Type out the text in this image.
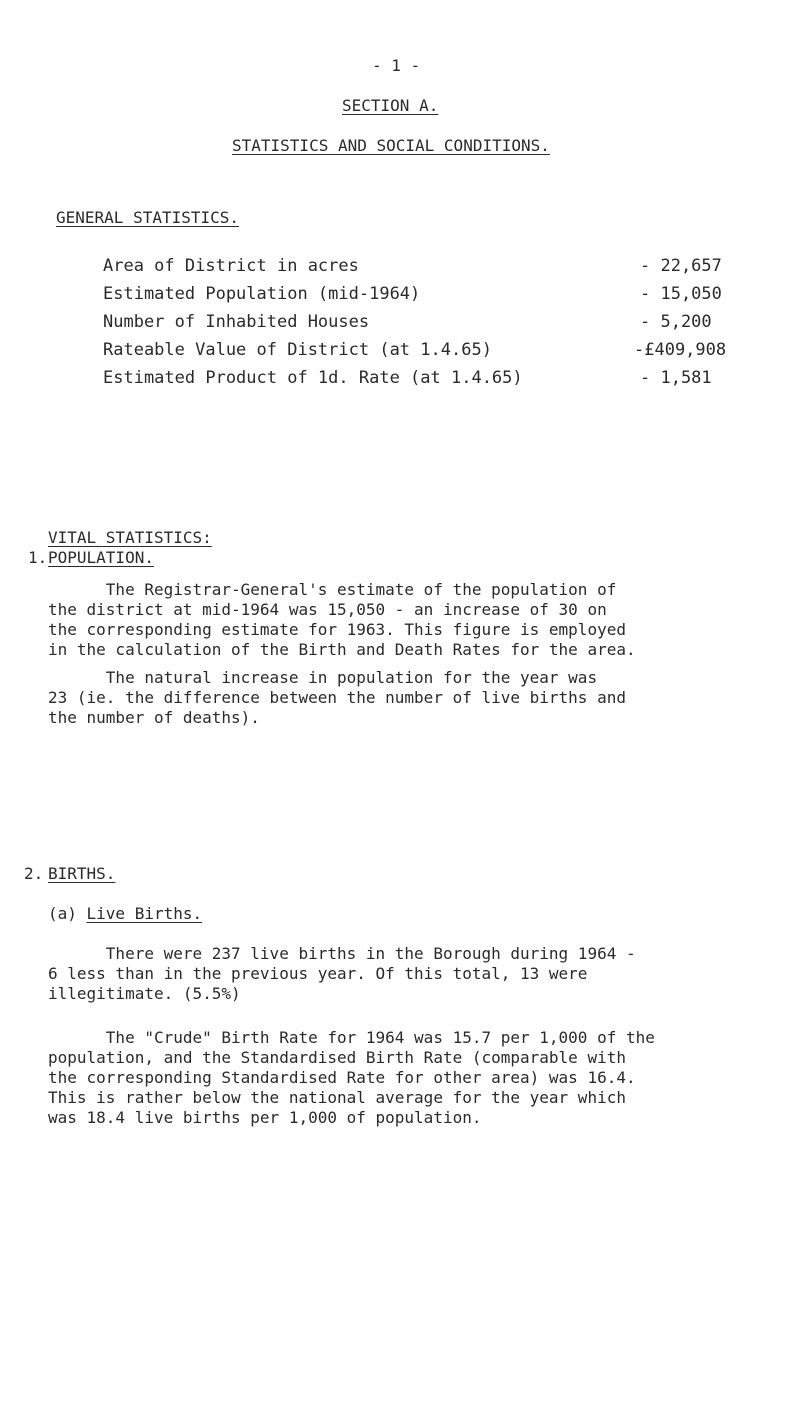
- 1 -
SECTION A.
STATISTICS AND SOCIAL CONDITIONS.
GENERAL STATISTICS.
Area of District in acres	- 22,657
Estimated Population (mid-1964)	- 15,050
Number of Inhabited Houses	- 5,200
Rateable Value of District (at 1.4.65)	-£409,908
Estimated Product of 1d. Rate (at 1.4.65)	- 1,581
VITAL STATISTICS:
1. POPULATION.
The Registrar-General's estimate of the population of
the district at mid-1964 was 15,050 - an increase of 30 on
the corresponding estimate for 1963. This figure is employed
in the calculation of the Birth and Death Rates for the area.
The natural increase in population for the year was
23 (ie. the difference between the number of live births and
the number of deaths).
2. BIRTHS.
(a) Live Births.
There were 237 live births in the Borough during 1964 -
6 less than in the previous year. Of this total, 13 were
illegitimate. (5.5%)
The "Crude" Birth Rate for 1964 was 15.7 per 1,000 of the
population, and the Standardised Birth Rate (comparable with
the corresponding Standardised Rate for other area) was 16.4.
This is rather below the national average for the year which
was 18.4 live births per 1,000 of population.
